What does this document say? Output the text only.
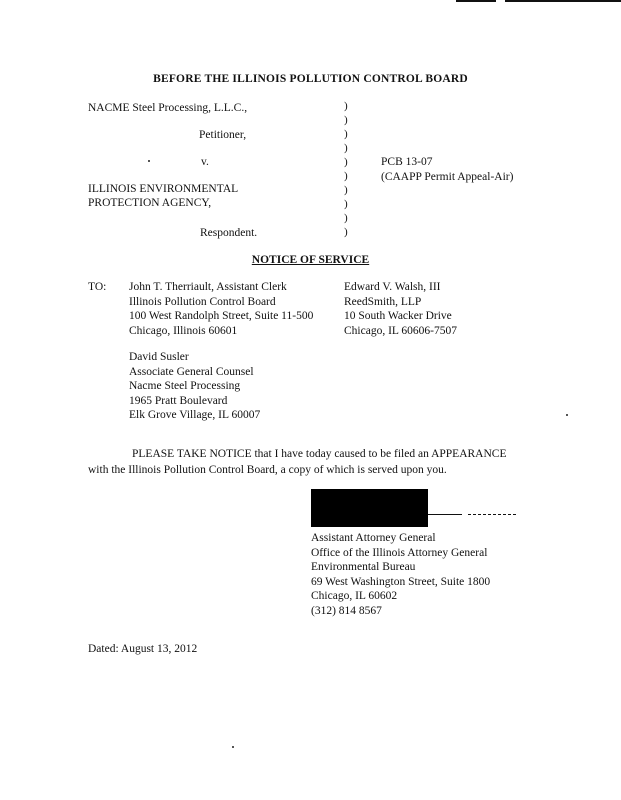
BEFORE THE ILLINOIS POLLUTION CONTROL BOARD
NACME Steel Processing, L.L.C.,
Petitioner,
v.
ILLINOIS ENVIRONMENTAL
PROTECTION AGENCY,
Respondent.
)
)
)
)
)
)
)
)
)
)
PCB 13-07
(CAAPP Permit Appeal-Air)
NOTICE OF SERVICE
TO: John T. Therriault, Assistant Clerk
Illinois Pollution Control Board
100 West Randolph Street, Suite 11-500
Chicago, Illinois 60601
Edward V. Walsh, III
ReedSmith, LLP
10 South Wacker Drive
Chicago, IL 60606-7507
David Susler
Associate General Counsel
Nacme Steel Processing
1965 Pratt Boulevard
Elk Grove Village, IL 60007
PLEASE TAKE NOTICE that I have today caused to be filed an APPEARANCE with the Illinois Pollution Control Board, a copy of which is served upon you.
Assistant Attorney General
Office of the Illinois Attorney General
Environmental Bureau
69 West Washington Street, Suite 1800
Chicago, IL 60602
(312) 814 8567
Dated: August 13, 2012
